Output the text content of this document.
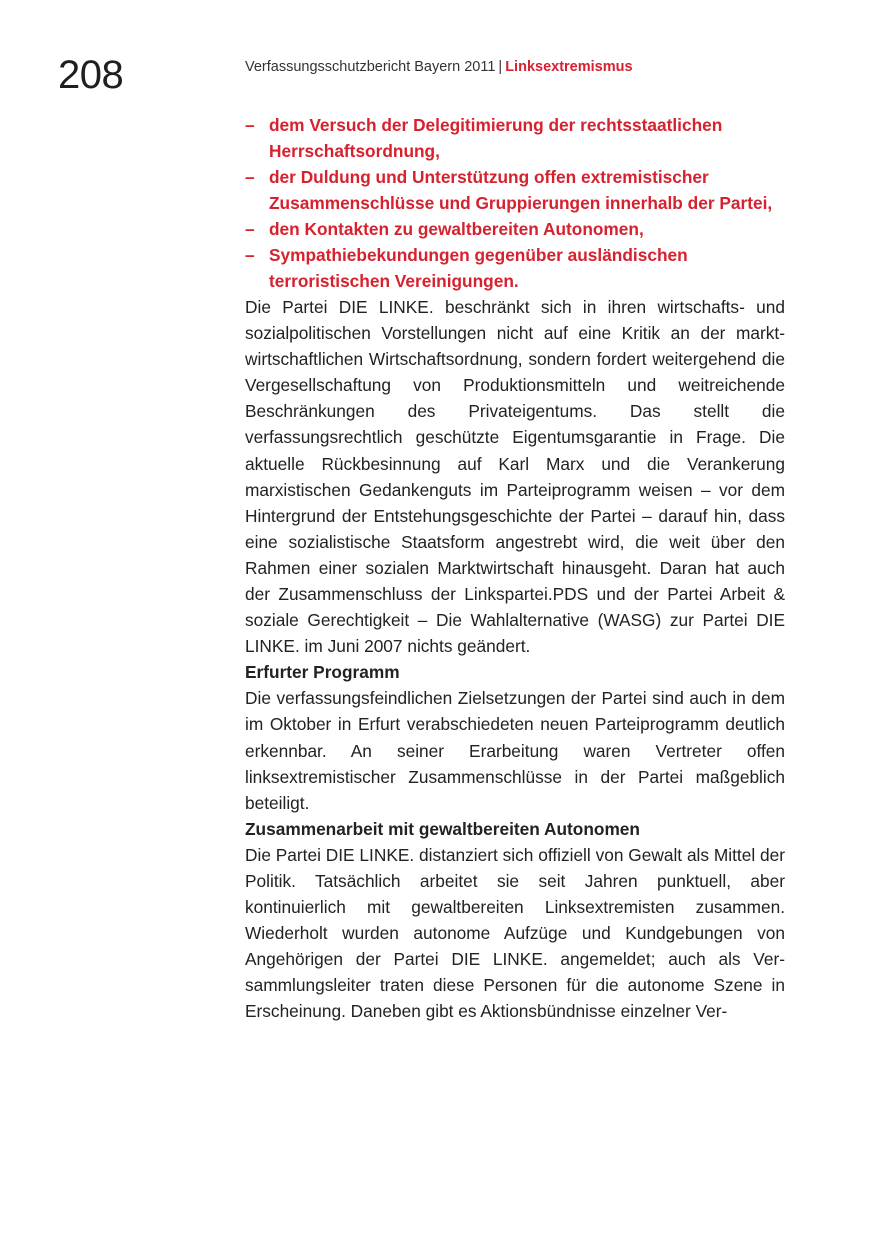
208	Verfassungsschutzbericht Bayern 2011 | Linksextremismus
– dem Versuch der Delegitimierung der rechtsstaatlichen Herrschaftsordnung,
– der Duldung und Unterstützung offen extremistischer Zusammenschlüsse und Gruppierungen innerhalb der Partei,
– den Kontakten zu gewaltbereiten Autonomen,
– Sympathiebekundungen gegenüber ausländischen terroristischen Vereinigungen.

Die Partei DIE LINKE. beschränkt sich in ihren wirtschafts- und sozialpolitischen Vorstellungen nicht auf eine Kritik an der marktwirtschaftlichen Wirtschaftsordnung, sondern fordert weitergehend die Vergesellschaftung von Produktionsmitteln und weitreichende Beschränkungen des Privateigentums. Das stellt die verfassungsrechtlich geschützte Eigentumsgarantie in Frage. Die aktuelle Rückbesinnung auf Karl Marx und die Verankerung marxistischen Gedankenguts im Parteiprogramm weisen – vor dem Hintergrund der Entstehungsgeschichte der Partei – darauf hin, dass eine sozialistische Staatsform angestrebt wird, die weit über den Rahmen einer sozialen Marktwirtschaft hinausgeht. Daran hat auch der Zusammenschluss der Linkspartei.PDS und der Partei Arbeit & soziale Gerechtigkeit – Die Wahlalternative (WASG) zur Partei DIE LINKE. im Juni 2007 nichts geändert.

Erfurter Programm

Die verfassungsfeindlichen Zielsetzungen der Partei sind auch in dem im Oktober in Erfurt verabschiedeten neuen Parteiprogramm deutlich erkennbar. An seiner Erarbeitung waren Vertreter offen linksextremistischer Zusammenschlüsse in der Partei maßgeblich beteiligt.

Zusammenarbeit mit gewaltbereiten Autonomen

Die Partei DIE LINKE. distanziert sich offiziell von Gewalt als Mittel der Politik. Tatsächlich arbeitet sie seit Jahren punktuell, aber kontinuierlich mit gewaltbereiten Linksextremisten zusammen. Wiederholt wurden autonome Aufzüge und Kundgebungen von Angehörigen der Partei DIE LINKE. angemeldet; auch als Versammlungsleiter traten diese Personen für die autonome Szene in Erscheinung. Daneben gibt es Aktionsbündnisse einzelner Ver-
